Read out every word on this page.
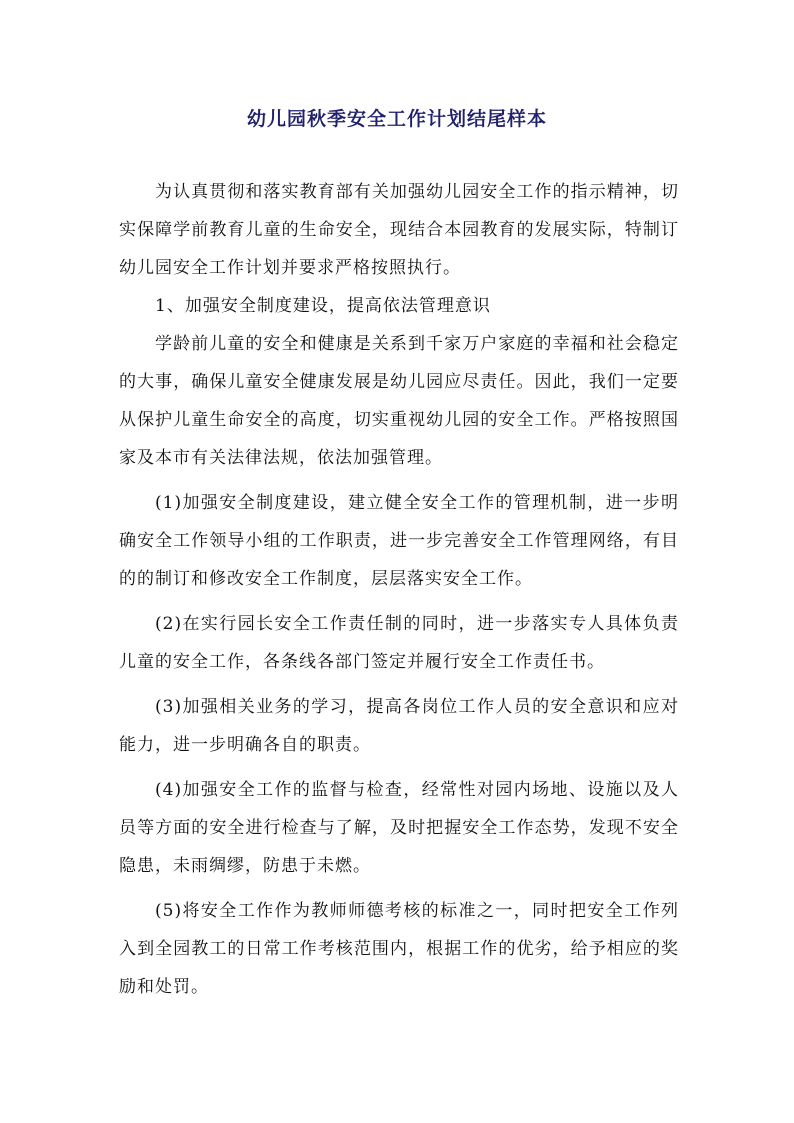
幼儿园秋季安全工作计划结尾样本

为认真贯彻和落实教育部有关加强幼儿园安全工作的指示精神，切实保障学前教育儿童的生命安全，现结合本园教育的发展实际，特制订幼儿园安全工作计划并要求严格按照执行。

1、加强安全制度建设，提高依法管理意识

学龄前儿童的安全和健康是关系到千家万户家庭的幸福和社会稳定的大事，确保儿童安全健康发展是幼儿园应尽责任。因此，我们一定要从保护儿童生命安全的高度，切实重视幼儿园的安全工作。严格按照国家及本市有关法律法规，依法加强管理。

(1)加强安全制度建设，建立健全安全工作的管理机制，进一步明确安全工作领导小组的工作职责，进一步完善安全工作管理网络，有目的的制订和修改安全工作制度，层层落实安全工作。

(2)在实行园长安全工作责任制的同时，进一步落实专人具体负责儿童的安全工作，各条线各部门签定并履行安全工作责任书。

(3)加强相关业务的学习，提高各岗位工作人员的安全意识和应对能力，进一步明确各自的职责。

(4)加强安全工作的监督与检查，经常性对园内场地、设施以及人员等方面的安全进行检查与了解，及时把握安全工作态势，发现不安全隐患，未雨绸缪，防患于未燃。

(5)将安全工作作为教师师德考核的标准之一，同时把安全工作列入到全园教工的日常工作考核范围内，根据工作的优劣，给予相应的奖励和处罚。
